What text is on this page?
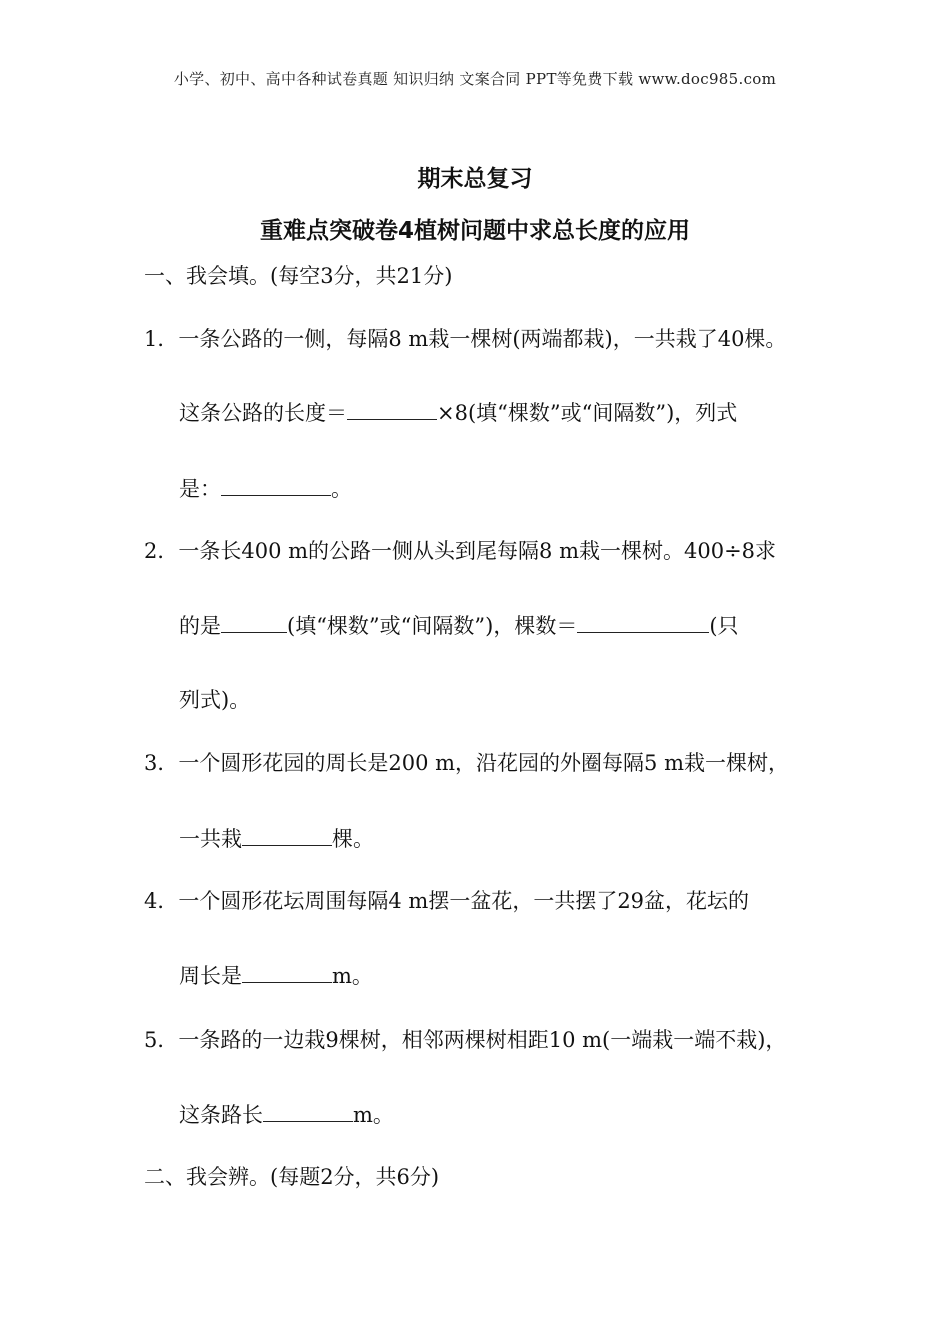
小学、初中、高中各种试卷真题 知识归纳 文案合同 PPT等免费下载 www.doc985.com
期末总复习
重难点突破卷4植树问题中求总长度的应用
一、我会填。(每空3分，共21分)
1．一条公路的一侧，每隔8 m栽一棵树(两端都栽)，一共栽了40棵。
这条公路的长度＝	×8(填“棵数”或“间隔数”)，列式
是：	。
2．一条长400 m的公路一侧从头到尾每隔8 m栽一棵树。400÷8求
的是	(填“棵数”或“间隔数”)，棵数＝	(只
列式)。
3．一个圆形花园的周长是200 m，沿花园的外圈每隔5 m栽一棵树，
一共栽	棵。
4．一个圆形花坛周围每隔4 m摆一盆花，一共摆了29盆，花坛的
周长是	m。
5．一条路的一边栽9棵树，相邻两棵树相距10 m(一端栽一端不栽)，
这条路长	m。
二、我会辨。(每题2分，共6分)
